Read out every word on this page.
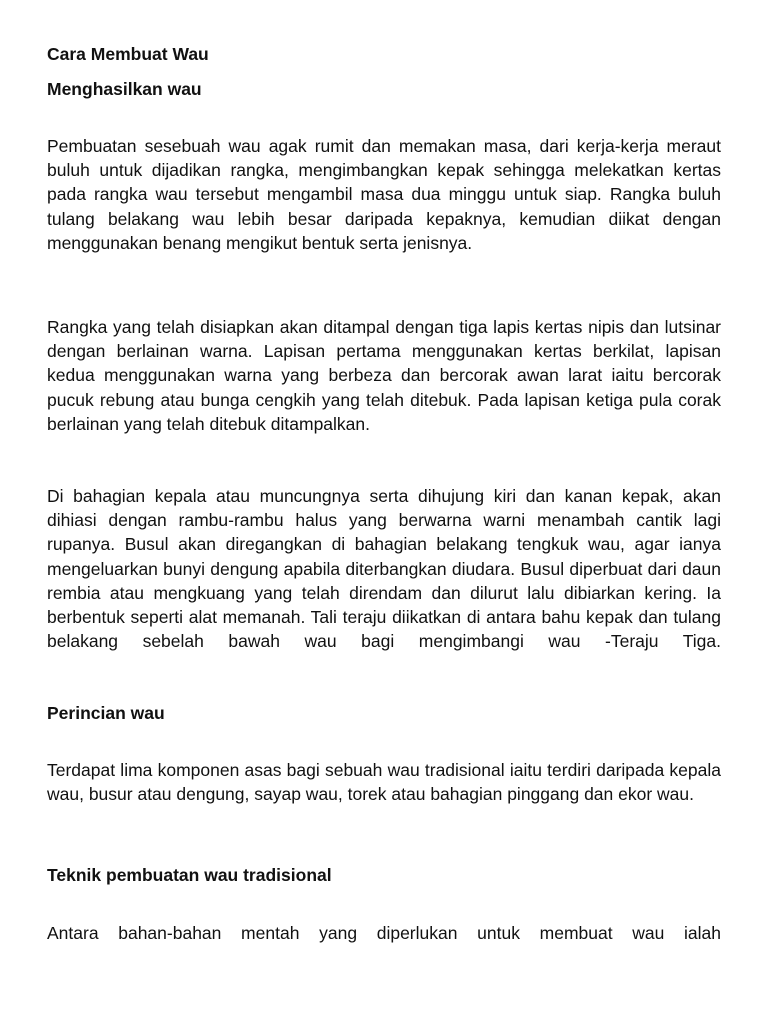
Cara Membuat Wau
Menghasilkan wau

Pembuatan sesebuah wau agak rumit dan memakan masa, dari kerja-kerja meraut buluh untuk dijadikan rangka, mengimbangkan kepak sehingga melekatkan kertas pada rangka wau tersebut mengambil masa dua minggu untuk siap. Rangka buluh tulang belakang wau lebih besar daripada kepaknya, kemudian diikat dengan menggunakan benang mengikut bentuk serta jenisnya.

Rangka yang telah disiapkan akan ditampal dengan tiga lapis kertas nipis dan lutsinar dengan berlainan warna. Lapisan pertama menggunakan kertas berkilat, lapisan kedua menggunakan warna yang berbeza dan bercorak awan larat iaitu bercorak pucuk rebung atau bunga cengkih yang telah ditebuk. Pada lapisan ketiga pula corak berlainan yang telah ditebuk ditampalkan.

Di bahagian kepala atau muncungnya serta dihujung kiri dan kanan kepak, akan dihiasi dengan rambu-rambu halus yang berwarna warni menambah cantik lagi rupanya. Busul akan diregangkan di bahagian belakang tengkuk wau, agar ianya mengeluarkan bunyi dengung apabila diterbangkan diudara. Busul diperbuat dari daun rembia atau mengkuang yang telah direndam dan dilurut lalu dibiarkan kering. Ia berbentuk seperti alat memanah. Tali teraju diikatkan di antara bahu kepak dan tulang belakang sebelah bawah wau bagi mengimbangi wau -Teraju Tiga.

Perincian wau

Terdapat lima komponen asas bagi sebuah wau tradisional iaitu terdiri daripada kepala wau, busur atau dengung, sayap wau, torek atau bahagian pinggang dan ekor wau.

Teknik pembuatan wau tradisional

Antara bahan-bahan mentah yang diperlukan untuk membuat wau ialah
